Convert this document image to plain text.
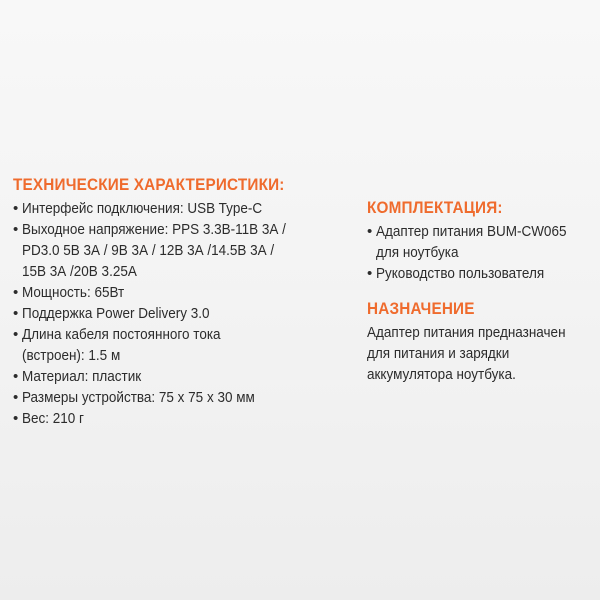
ТЕХНИЧЕСКИЕ ХАРАКТЕРИСТИКИ:
• Интерфейс подключения: USB Type-C
• Выходное напряжение: PPS 3.3В-11В 3А /
PD3.0 5В 3А / 9В 3А / 12В 3А /14.5В 3А /
15В 3А /20В 3.25А
• Мощность: 65Вт
• Поддержка Power Delivery 3.0
• Длина кабеля постоянного тока
(встроен): 1.5 м
• Материал: пластик
• Размеры устройства: 75 x 75 x 30 мм
• Вес: 210 г
КОМПЛЕКТАЦИЯ:
• Адаптер питания BUM-CW065
для ноутбука
• Руководство пользователя
НАЗНАЧЕНИЕ
Адаптер питания предназначен
для питания и зарядки
аккумулятора ноутбука.
